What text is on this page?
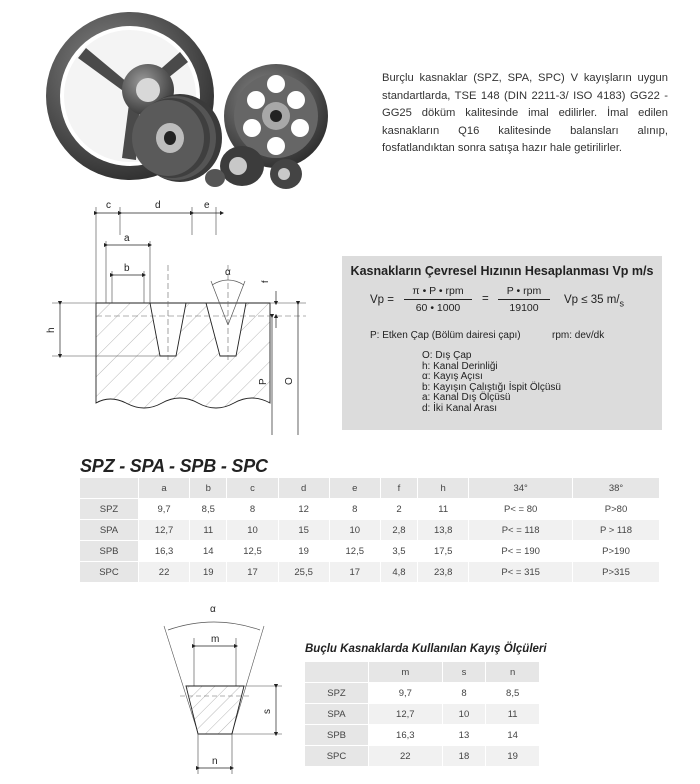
Burçlu kasnaklar (SPZ, SPA, SPC) V kayışların uygun standartlarda, TSE 148 (DIN 2211-3/ ISO 4183) GG22 - GG25 döküm kalitesinde imal edilirler. İmal edilen kasnakların Q16 kalitesinde balansları alınıp, fosfatlandıktan sonra satışa hazır hale getirilirler.
α
c	d	e
a
b
h
f
P O
Kasnakların Çevresel Hızının Hesaplanması Vp m/s
Vp =
π • P • rpm
60 • 1000
=
P • rpm
19100
Vp ≤ 35 $m/_s$
P: Etken Çap (Bölüm dairesi çapı)	rpm: dev/dk
O: Dış Çap
h: Kanal Derinliği
α: Kayış Açısı
b: Kayışın Çalıştığı İspit Ölçüsü
a: Kanal Dış Ölçüsü
d: İki Kanal Arası
SPZ - SPA - SPB - SPC
	a	b	c	d	e	f	h	34°	38°
SPZ	9,7	8,5	8	12	8	2	11	P< = 80	P>80
SPA	12,7	11	10	15	10	2,8	13,8	P< = 118	P > 118
SPB	16,3	14	12,5	19	12,5	3,5	17,5	P< = 190	P>190
SPC	22	19	17	25,5	17	4,8	23,8	P< = 315	P>315
α
m
s
n
Buçlu Kasnaklarda Kullanılan Kayış Ölçüleri
	m	s	n
SPZ	9,7	8	8,5
SPA	12,7	10	11
SPB	16,3	13	14
SPC	22	18	19
